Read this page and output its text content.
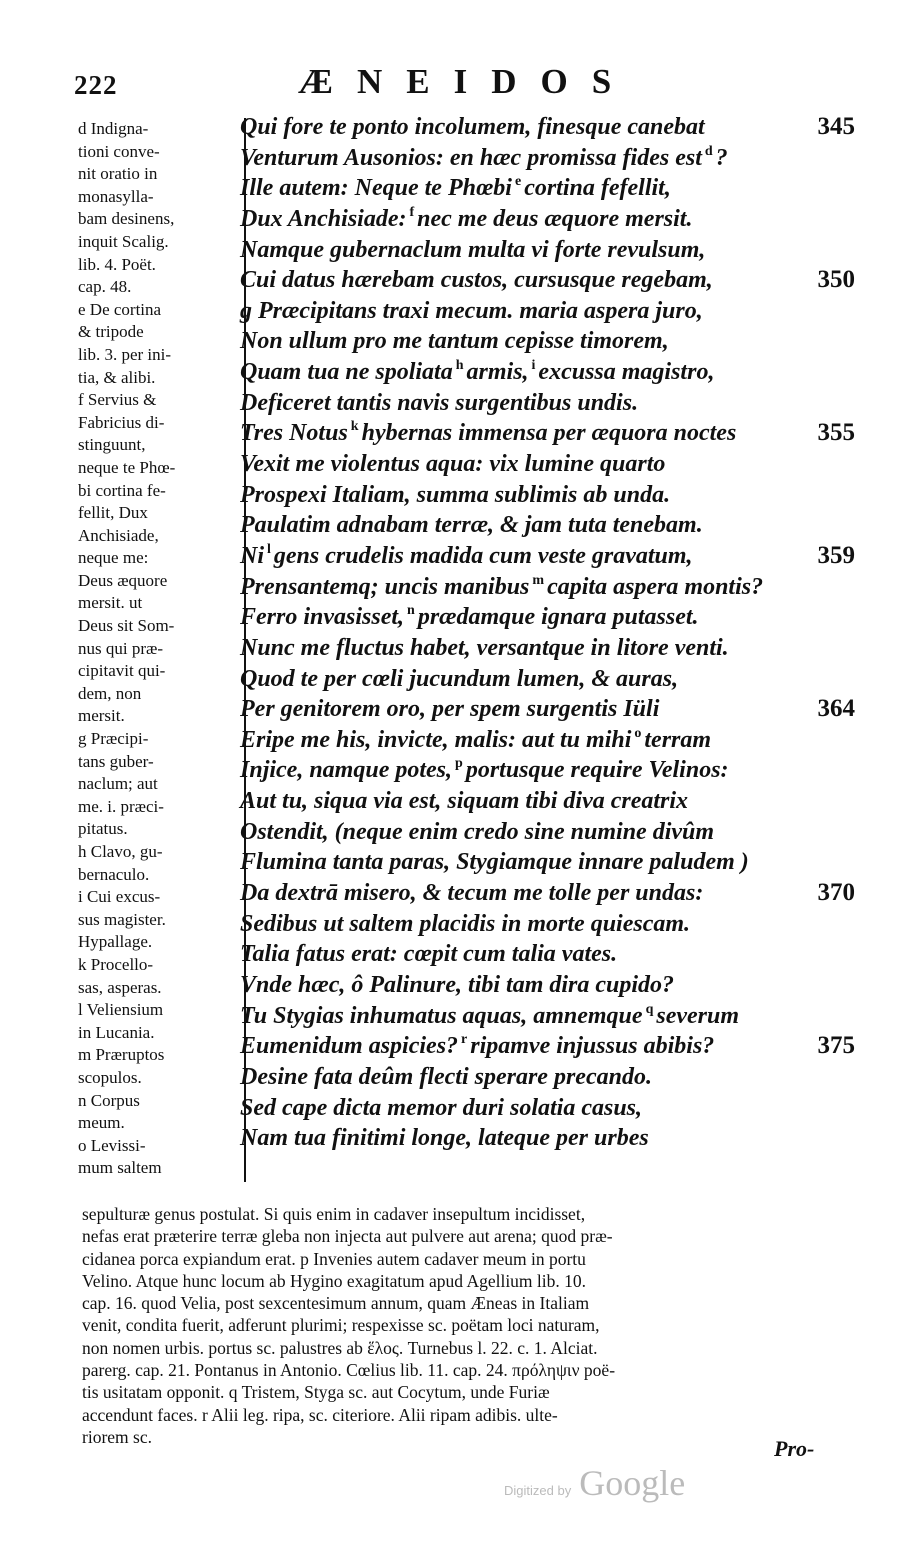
222	ÆNEIDOS
d Indigna-
tioni conve-
nit oratio in
monasylla-
bam desinens,
inquit Scalig.
lib. 4. Poët.
cap. 48.
e De cortina
& tripode
lib. 3. per ini-
tia, & alibi.
f Servius &
Fabricius di-
stinguunt,
neque te Phœ-
bi cortina fe-
fellit, Dux
Anchisiade,
neque me:
Deus æquore
mersit. ut
Deus sit Som-
nus qui præ-
cipitavit qui-
dem, non
mersit.
g Præcipi-
tans guber-
naclum; aut
me. i. præci-
pitatus.
h Clavo, gu-
bernaculo.
i Cui excus-
sus magister.
Hypallage.
k Procello-
sas, asperas.
l Veliensium
in Lucania.
m Præruptos
scopulos.
n Corpus
meum.
o Levissi-
mum saltem
Qui fore te ponto incolumem, finesque canebat	345
Venturum Ausonios: en hæc promissa fides est $^d$ ?
Ille autem: Neque te Phœbi $^e$ cortina fefellit,
Dux Anchisiade: $^f$ nec me deus æquore mersit.
Namque gubernaclum multa vi forte revulsum,
Cui datus hærebam custos, cursusque regebam,	350
g Præcipitans traxi mecum. maria aspera juro,
Non ullum pro me tantum cepisse timorem,
Quam tua ne spoliata $^h$ armis, $^i$ excussa magistro,
Deficeret tantis navis surgentibus undis.
Tres Notus $^k$ hybernas immensa per æquora noctes	355
Vexit me violentus aqua: vix lumine quarto
Prospexi Italiam, summa sublimis ab unda.
Paulatim adnabam terræ, & jam tuta tenebam.
Ni $^l$ gens crudelis madida cum veste gravatum,	359
Prensantemq; uncis manibus $^m$ capita aspera montis?
Ferro invasisset, $^n$ prædamque ignara putasset.
Nunc me fluctus habet, versantque in litore venti.
Quod te per cœli jucundum lumen, & auras,
Per genitorem oro, per spem surgentis Iüli	364
Eripe me his, invicte, malis: aut tu mihi $^o$ terram
Injice, namque potes, $^p$ portusque require Velinos:
Aut tu, siqua via est, siquam tibi diva creatrix
Ostendit, (neque enim credo sine numine divûm
Flumina tanta paras, Stygiamque innare paludem )
Da dextrā misero, & tecum me tolle per undas:	370
Sedibus ut saltem placidis in morte quiescam.
Talia fatus erat: cœpit cum talia vates.
Vnde hæc, ô Palinure, tibi tam dira cupido?
Tu Stygias inhumatus aquas, amnemque $^q$ severum
Eumenidum aspicies? $^r$ ripamve injussus abibis?	375
Desine fata deûm flecti sperare precando.
Sed cape dicta memor duri solatia casus,
Nam tua finitimi longe, lateque per urbes
sepulturæ genus postulat. Si quis enim in cadaver insepultum incidisset,
nefas erat præterire terræ gleba non injecta aut pulvere aut arena; quod præ-
cidanea porca expiandum erat. p Invenies autem cadaver meum in portu
Velino. Atque hunc locum ab Hygino exagitatum apud Agellium lib. 10.
cap. 16. quod Velia, post sexcentesimum annum, quam Æneas in Italiam
venit, condita fuerit, adferunt plurimi; respexisse sc. poëtam loci naturam,
non nomen urbis. portus sc. palustres ab ἕλος. Turnebus l. 22. c. 1. Alciat.
parerg. cap. 21. Pontanus in Antonio. Cœlius lib. 11. cap. 24. πρόληψιν poë-
tis usitatam opponit. q Tristem, Styga sc. aut Cocytum, unde Furiæ
accendunt faces. r Alii leg. ripa, sc. citeriore. Alii ripam adibis. ulte-
riorem sc.	Pro-
Digitized by Google
